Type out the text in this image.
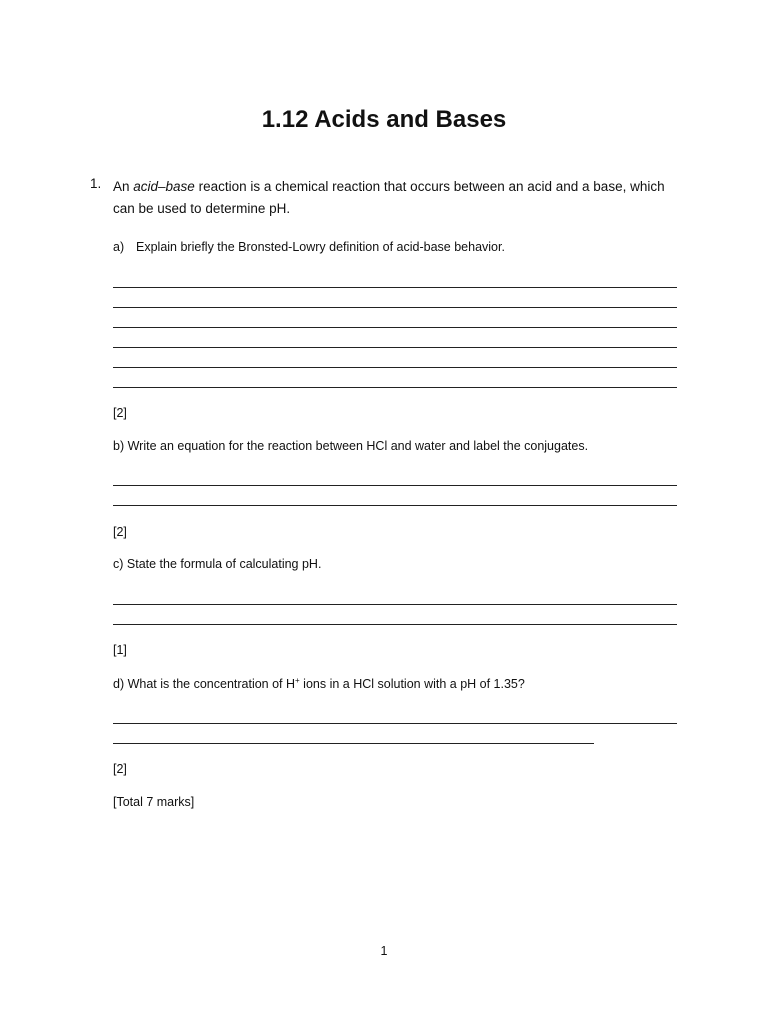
1.12 Acids and Bases
1. An acid–base reaction is a chemical reaction that occurs between an acid and a base, which can be used to determine pH.
a) Explain briefly the Bronsted-Lowry definition of acid-base behavior.
[2]
b) Write an equation for the reaction between HCl and water and label the conjugates.
[2]
c) State the formula of calculating pH.
[1]
d) What is the concentration of H+ ions in a HCl solution with a pH of 1.35?
[2]
[Total 7 marks]
1
